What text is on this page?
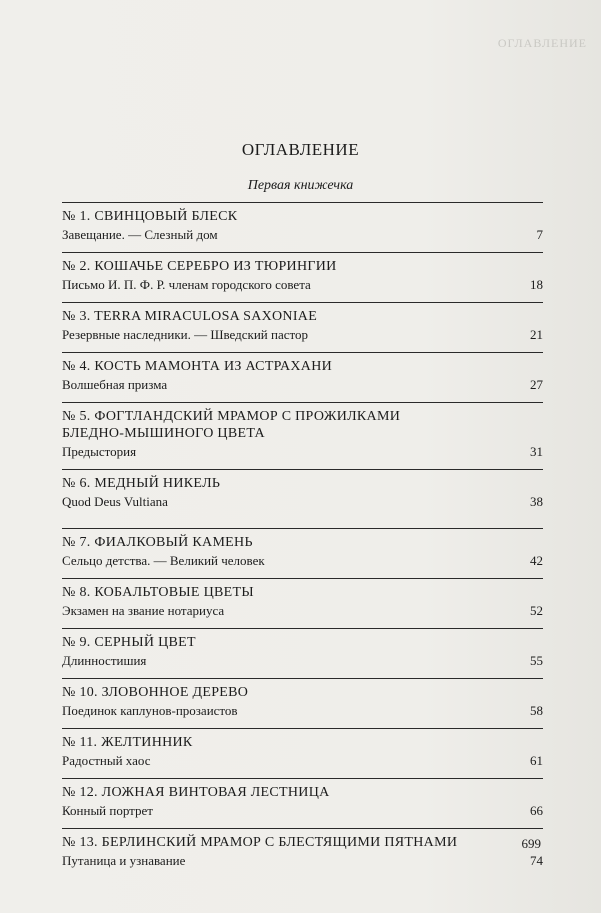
ОГЛАВЛЕНИЕ
ОГЛАВЛЕНИЕ
Первая книжечка
№ 1. СВИНЦОВЫЙ БЛЕСК
Завещание. — Слезный дом	7
№ 2. КОШАЧЬЕ СЕРЕБРО ИЗ ТЮРИНГИИ
Письмо И. П. Ф. Р. членам городского совета	18
№ 3. TERRA MIRACULOSA SAXONIAE
Резервные наследники. — Шведский пастор	21
№ 4. КОСТЬ МАМОНТА ИЗ АСТРАХАНИ
Волшебная призма	27
№ 5. ФОГТЛАНДСКИЙ МРАМОР С ПРОЖИЛКАМИ БЛЕДНО-МЫШИНОГО ЦВЕТА
Предыстория	31
№ 6. МЕДНЫЙ НИКЕЛЬ
Quod Deus Vultiana	38
№ 7. ФИАЛКОВЫЙ КАМЕНЬ
Сельцо детства. — Великий человек	42
№ 8. КОБАЛЬТОВЫЕ ЦВЕТЫ
Экзамен на звание нотариуса	52
№ 9. СЕРНЫЙ ЦВЕТ
Длинностишия	55
№ 10. ЗЛОВОННОЕ ДЕРЕВО
Поединок каплунов-прозаистов	58
№ 11. ЖЕЛТИННИК
Радостный хаос	61
№ 12. ЛОЖНАЯ ВИНТОВАЯ ЛЕСТНИЦА
Конный портрет	66
№ 13. БЕРЛИНСКИЙ МРАМОР С БЛЕСТЯЩИМИ ПЯТНАМИ
Путаница и узнавание	74
699
